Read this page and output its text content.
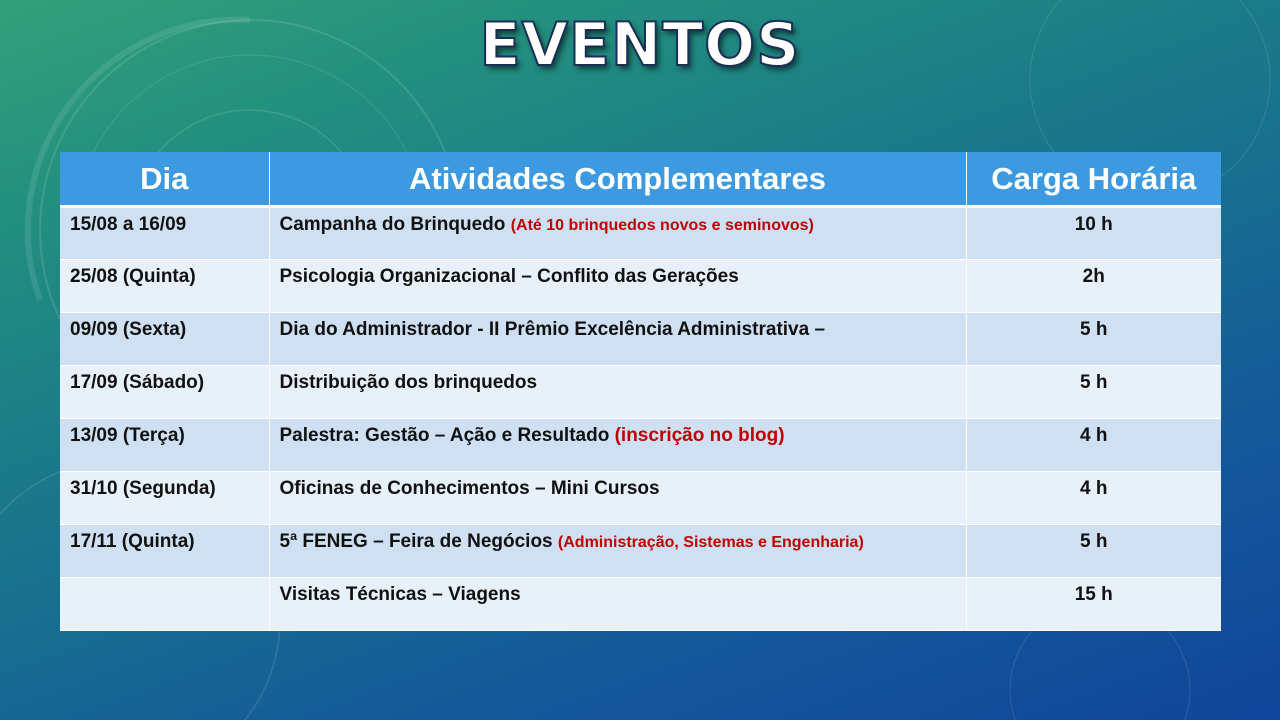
EVENTOS
Dia	Atividades Complementares	Carga Horária
15/08 a 16/09	Campanha do Brinquedo (Até 10 brinquedos novos e seminovos)	10 h
25/08 (Quinta)	Psicologia Organizacional – Conflito das Gerações	2h
09/09 (Sexta)	Dia do Administrador - II Prêmio Excelência Administrativa –	5 h
17/09 (Sábado)	Distribuição dos brinquedos	5 h
13/09 (Terça)	Palestra: Gestão – Ação e Resultado (inscrição no blog)	4 h
31/10 (Segunda)	Oficinas de Conhecimentos – Mini Cursos	4 h
17/11 (Quinta)	5ª FENEG – Feira de Negócios (Administração, Sistemas e Engenharia)	5 h
	Visitas Técnicas – Viagens	15 h
